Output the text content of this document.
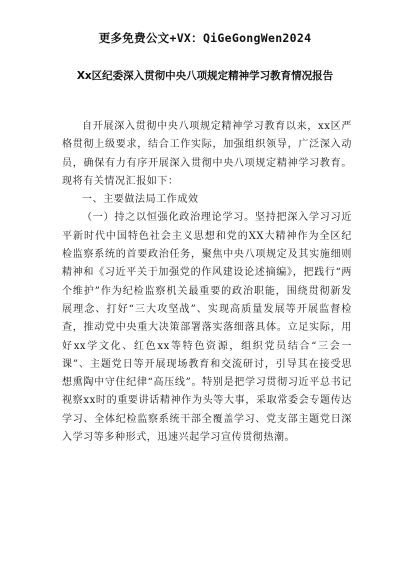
更多免费公文+VX：QiGeGongWen2024
Xx区纪委深入贯彻中央八项规定精神学习教育情况报告

自开展深入贯彻中央八项规定精神学习教育以来，xx区严格贯彻上级要求，结合工作实际，加强组织领导，广泛深入动员，确保有力有序开展深入贯彻中央八项规定精神学习教育。现将有关情况汇报如下：

一、主要做法局工作成效

（一）持之以恒强化政治理论学习。坚持把深入学习习近平新时代中国特色社会主义思想和党的XX大精神作为全区纪检监察系统的首要政治任务，聚焦中央八项规定及其实施细则精神和《习近平关于加强党的作风建设论述摘编》，把践行“两个维护”作为纪检监察机关最重要的政治职能，围绕贯彻新发展理念、打好“三大攻坚战”、实现高质量发展等开展监督检查，推动党中央重大决策部署落实落细落具体。立足实际，用好xx学文化、红色xx等特色资源，组织党员结合“三会一课”、主题党日等开展现场教育和交流研讨，引导其在接受思想熏陶中守住纪律“高压线”。特别是把学习贯彻习近平总书记视察xx时的重要讲话精神作为头等大事，采取常委会专题传达学习、全体纪检监察系统干部全覆盖学习、党支部主题党日深入学习等多种形式，迅速兴起学习宣传贯彻热潮。
